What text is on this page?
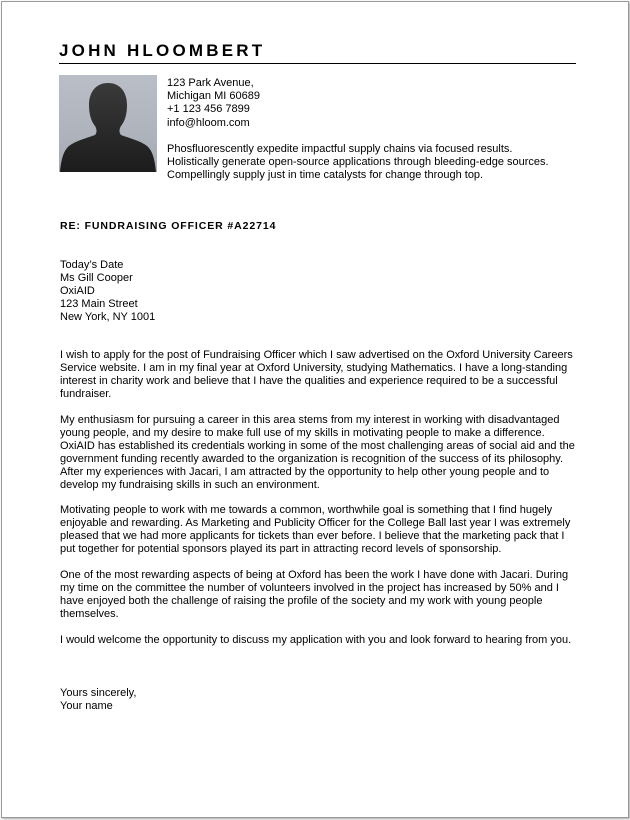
JOHN HLOOMBERT
123 Park Avenue,
Michigan MI 60689
+1 123 456 7899
info@hloom.com
Phosfluorescently expedite impactful supply chains via focused results.
Holistically generate open-source applications through bleeding-edge sources.
Compellingly supply just in time catalysts for change through top.
RE: FUNDRAISING OFFICER #A22714
Today’s Date
Ms Gill Cooper
OxiAID
123 Main Street
New York, NY 1001

I wish to apply for the post of Fundraising Officer which I saw advertised on the Oxford University Careers Service website. I am in my final year at Oxford University, studying Mathematics. I have a long-standing interest in charity work and believe that I have the qualities and experience required to be a successful fundraiser.

My enthusiasm for pursuing a career in this area stems from my interest in working with disadvantaged young people, and my desire to make full use of my skills in motivating people to make a difference. OxiAID has established its credentials working in some of the most challenging areas of social aid and the government funding recently awarded to the organization is recognition of the success of its philosophy. After my experiences with Jacari, I am attracted by the opportunity to help other young people and to develop my fundraising skills in such an environment.

Motivating people to work with me towards a common, worthwhile goal is something that I find hugely enjoyable and rewarding. As Marketing and Publicity Officer for the College Ball last year I was extremely pleased that we had more applicants for tickets than ever before. I believe that the marketing pack that I put together for potential sponsors played its part in attracting record levels of sponsorship.

One of the most rewarding aspects of being at Oxford has been the work I have done with Jacari. During my time on the committee the number of volunteers involved in the project has increased by 50% and I have enjoyed both the challenge of raising the profile of the society and my work with young people themselves.

I would welcome the opportunity to discuss my application with you and look forward to hearing from you.

Yours sincerely,
Your name
